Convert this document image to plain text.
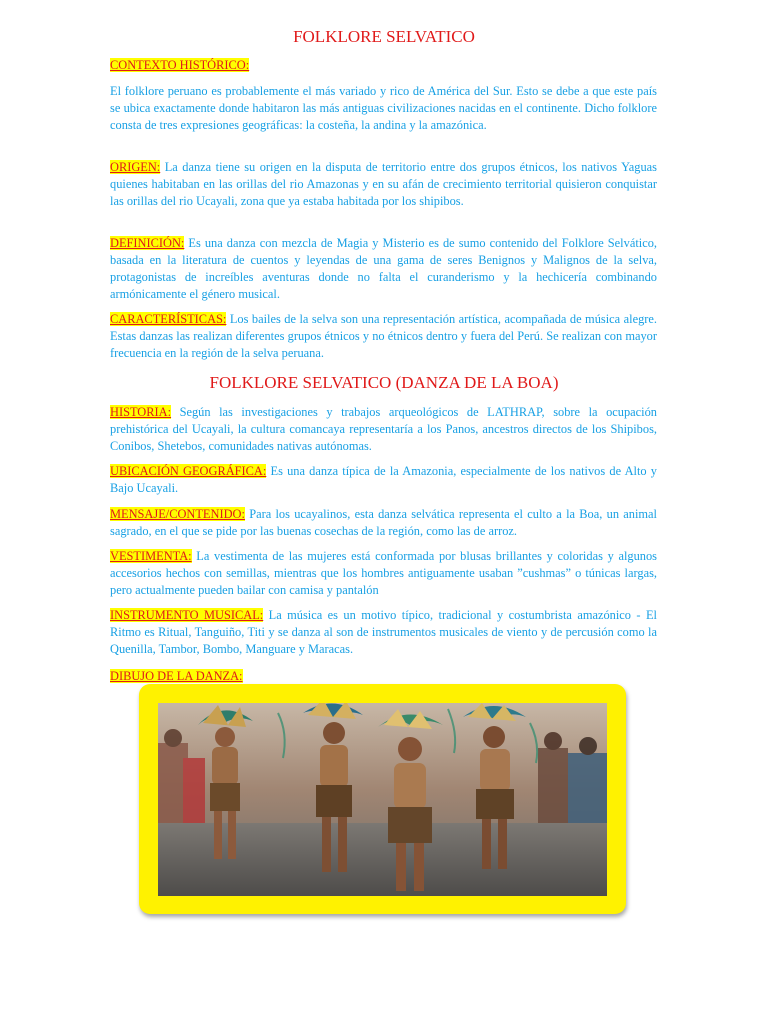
FOLKLORE SELVATICO

CONTEXTO HISTÓRICO:

El folklore peruano es probablemente el más variado y rico de América del Sur. Esto se debe a que este país se ubica exactamente donde habitaron las más antiguas civilizaciones nacidas en el continente. Dicho folklore consta de tres expresiones geográficas: la costeña, la andina y la amazónica.

ORIGEN: La danza tiene su origen en la disputa de territorio entre dos grupos étnicos, los nativos Yaguas quienes habitaban en las orillas del rio Amazonas y en su afán de crecimiento territorial quisieron conquistar las orillas del rio Ucayali, zona que ya estaba habitada por los shipibos.

DEFINICIÓN: Es una danza con mezcla de Magia y Misterio es de sumo contenido del Folklore Selvático, basada en la literatura de cuentos y leyendas de una gama de seres Benignos y Malignos de la selva, protagonistas de increíbles aventuras donde no falta el curanderismo y la hechicería combinando armónicamente el género musical.

CARACTERÍSTICAS: Los bailes de la selva son una representación artística, acompañada de música alegre. Estas danzas las realizan diferentes grupos étnicos y no étnicos dentro y fuera del Perú. Se realizan con mayor frecuencia en la región de la selva peruana.

FOLKLORE SELVATICO (DANZA DE LA BOA)

HISTORIA: Según las investigaciones y trabajos arqueológicos de LATHRAP, sobre la ocupación prehistórica del Ucayali, la cultura comancaya representaría a los Panos, ancestros directos de los Shipibos, Conibos, Shetebos, comunidades nativas autónomas.

UBICACIÓN GEOGRÁFICA: Es una danza típica de la Amazonia, especialmente de los nativos de Alto y Bajo Ucayali.

MENSAJE/CONTENIDO: Para los ucayalinos, esta danza selvática representa el culto a la Boa, un animal sagrado, en el que se pide por las buenas cosechas de la región, como las de arroz.

VESTIMENTA: La vestimenta de las mujeres está conformada por blusas brillantes y coloridas y algunos accesorios hechos con semillas, mientras que los hombres antiguamente usaban ”cushmas” o túnicas largas, pero actualmente pueden bailar con camisa y pantalón

INSTRUMENTO MUSICAL: La música es un motivo típico, tradicional y costumbrista amazónico - El Ritmo es Ritual, Tanguiño, Titi y se danza al son de instrumentos musicales de viento y de percusión como la Quenilla, Tambor, Bombo, Manguare y Maracas.

DIBUJO DE LA DANZA:
